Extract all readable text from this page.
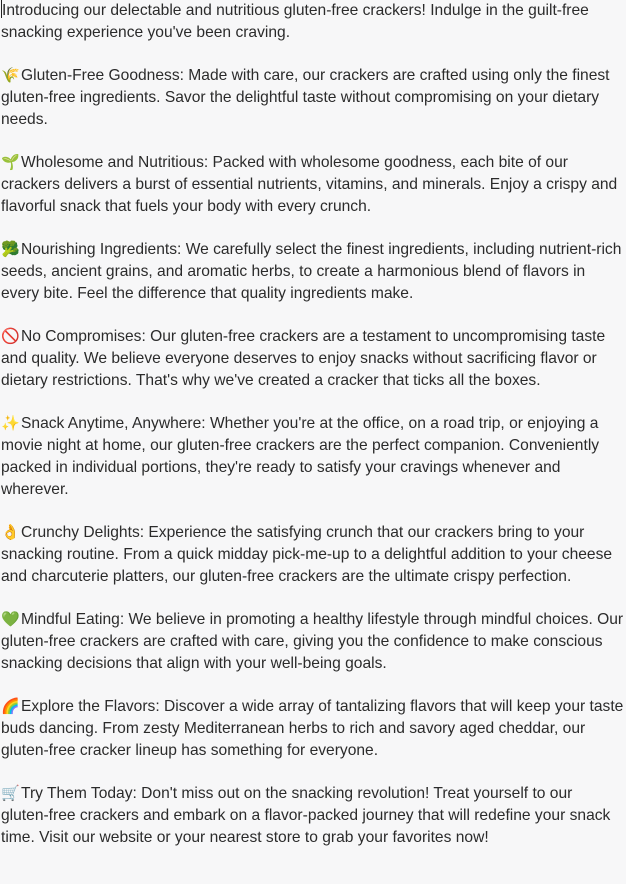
Introducing our delectable and nutritious gluten-free crackers! Indulge in the guilt-free snacking experience you've been craving.

🌾Gluten-Free Goodness: Made with care, our crackers are crafted using only the finest gluten-free ingredients. Savor the delightful taste without compromising on your dietary needs.

🌱Wholesome and Nutritious: Packed with wholesome goodness, each bite of our crackers delivers a burst of essential nutrients, vitamins, and minerals. Enjoy a crispy and flavorful snack that fuels your body with every crunch.

🥦Nourishing Ingredients: We carefully select the finest ingredients, including nutrient-rich seeds, ancient grains, and aromatic herbs, to create a harmonious blend of flavors in every bite. Feel the difference that quality ingredients make.

🚫No Compromises: Our gluten-free crackers are a testament to uncompromising taste and quality. We believe everyone deserves to enjoy snacks without sacrificing flavor or dietary restrictions. That's why we've created a cracker that ticks all the boxes.

✨Snack Anytime, Anywhere: Whether you're at the office, on a road trip, or enjoying a movie night at home, our gluten-free crackers are the perfect companion. Conveniently packed in individual portions, they're ready to satisfy your cravings whenever and wherever.

👌Crunchy Delights: Experience the satisfying crunch that our crackers bring to your snacking routine. From a quick midday pick-me-up to a delightful addition to your cheese and charcuterie platters, our gluten-free crackers are the ultimate crispy perfection.

💚Mindful Eating: We believe in promoting a healthy lifestyle through mindful choices. Our gluten-free crackers are crafted with care, giving you the confidence to make conscious snacking decisions that align with your well-being goals.

🌈Explore the Flavors: Discover a wide array of tantalizing flavors that will keep your taste buds dancing. From zesty Mediterranean herbs to rich and savory aged cheddar, our gluten-free cracker lineup has something for everyone.

🛒Try Them Today: Don't miss out on the snacking revolution! Treat yourself to our gluten-free crackers and embark on a flavor-packed journey that will redefine your snack time. Visit our website or your nearest store to grab your favorites now!
